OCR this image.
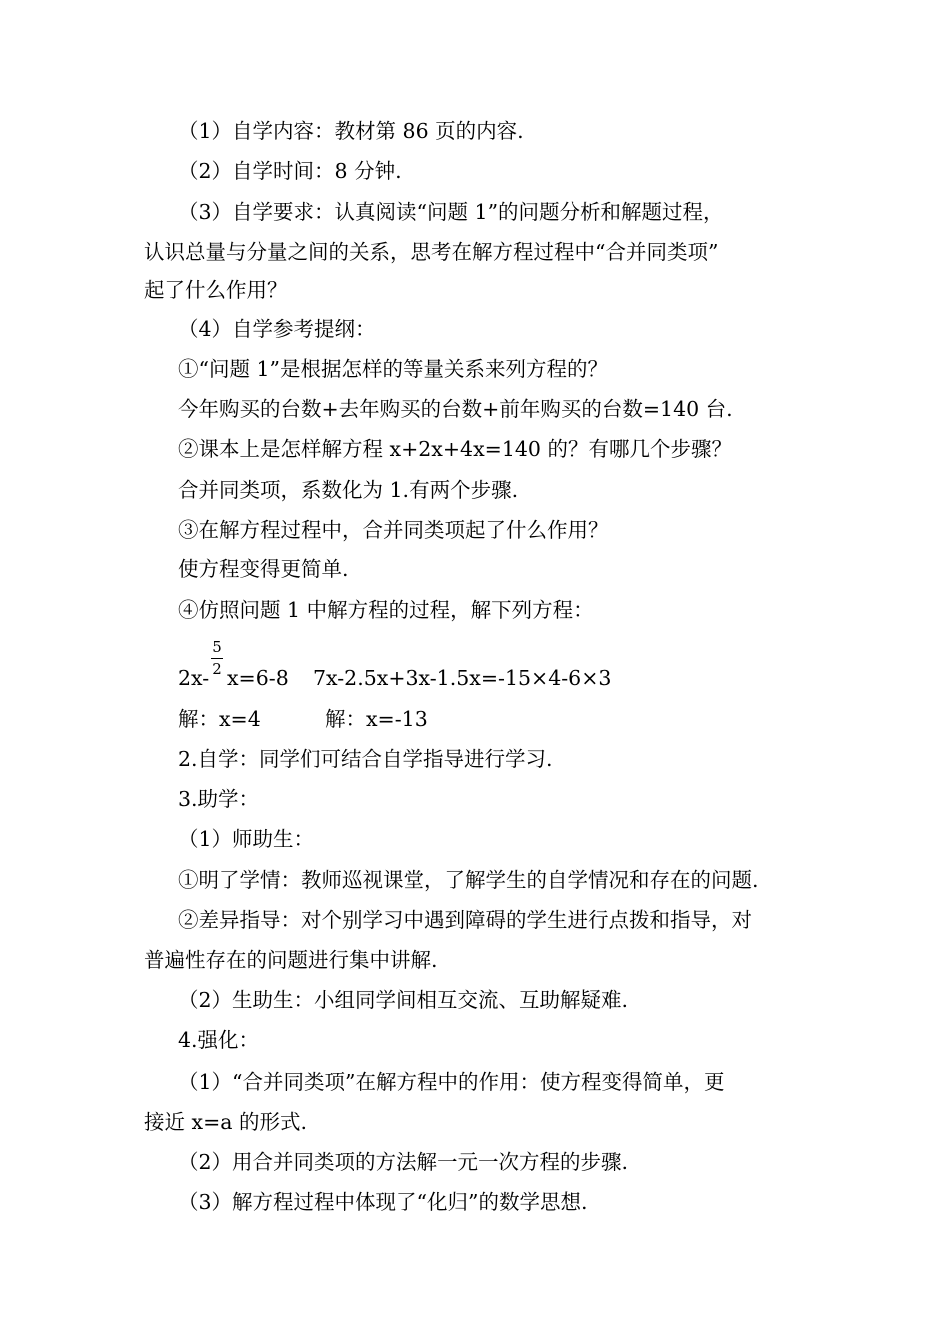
（1）自学内容：教材第 86 页的内容.
（2）自学时间：8 分钟.
（3）自学要求：认真阅读“问题 1”的问题分析和解题过程，
认识总量与分量之间的关系，思考在解方程过程中“合并同类项”
起了什么作用？
（4）自学参考提纲：
①“问题 1”是根据怎样的等量关系来列方程的？
今年购买的台数+去年购买的台数+前年购买的台数=140 台.
②课本上是怎样解方程 x+2x+4x=140 的？有哪几个步骤？
合并同类项，系数化为 1.有两个步骤.
③在解方程过程中，合并同类项起了什么作用？
使方程变得更简单.
④仿照问题 1 中解方程的过程，解下列方程：
2x-
5
2 x=6-8 7x-2.5x+3x-1.5x=-15×4-6×3
解：x=4	解：x=-13
2.自学：同学们可结合自学指导进行学习.
3.助学：
（1）师助生：
①明了学情：教师巡视课堂，了解学生的自学情况和存在的问题.
②差异指导：对个别学习中遇到障碍的学生进行点拨和指导，对
普遍性存在的问题进行集中讲解.
（2）生助生：小组同学间相互交流、互助解疑难.
4.强化：
（1）“合并同类项”在解方程中的作用：使方程变得简单，更
接近 x=a 的形式.
（2）用合并同类项的方法解一元一次方程的步骤.
（3）解方程过程中体现了“化归”的数学思想.
